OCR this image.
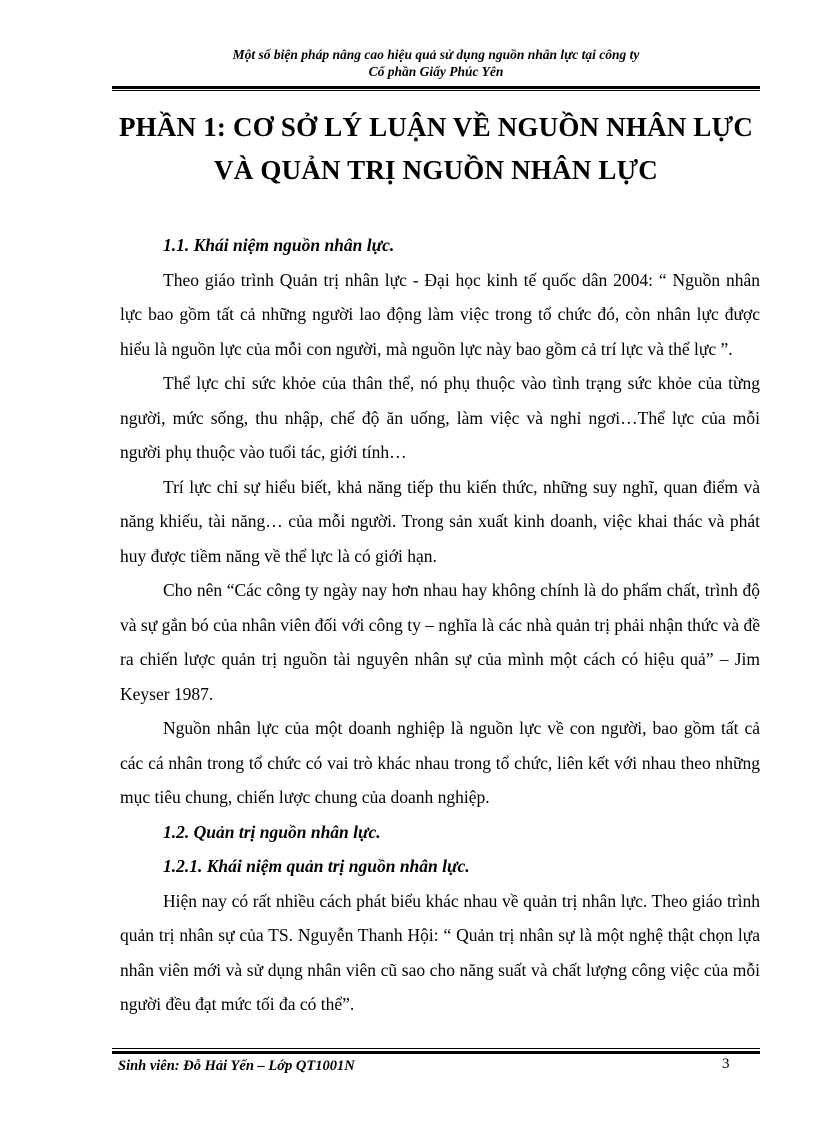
Một số biện pháp nâng cao hiệu quả sử dụng nguồn nhân lực tại công ty
Cổ phần Giấy Phúc Yên
PHẦN 1: CƠ SỞ LÝ LUẬN VỀ NGUỒN NHÂN LỰC
VÀ QUẢN TRỊ NGUỒN NHÂN LỰC
1.1. Khái niệm nguồn nhân lực.

Theo giáo trình Quản trị nhân lực - Đại học kinh tế quốc dân 2004: “ Nguồn nhân lực bao gồm tất cả những người lao động làm việc trong tổ chức đó, còn nhân lực được hiểu là nguồn lực của mỗi con người, mà nguồn lực này bao gồm cả trí lực và thể lực ”.

Thể lực chỉ sức khỏe của thân thể, nó phụ thuộc vào tình trạng sức khỏe của từng người, mức sống, thu nhập, chế độ ăn uống, làm việc và nghỉ ngơi…Thể lực của mỗi người phụ thuộc vào tuổi tác, giới tính…

Trí lực chỉ sự hiểu biết, khả năng tiếp thu kiến thức, những suy nghĩ, quan điểm và năng khiếu, tài năng… của mỗi người. Trong sản xuất kinh doanh, việc khai thác và phát huy được tiềm năng về thể lực là có giới hạn.

Cho nên “Các công ty ngày nay hơn nhau hay không chính là do phẩm chất, trình độ và sự gắn bó của nhân viên đối với công ty – nghĩa là các nhà quản trị phải nhận thức và đề ra chiến lược quản trị nguồn tài nguyên nhân sự của mình một cách có hiệu quả” – Jim Keyser 1987.

Nguồn nhân lực của một doanh nghiệp là nguồn lực về con người, bao gồm tất cả các cá nhân trong tổ chức có vai trò khác nhau trong tổ chức, liên kết với nhau theo những mục tiêu chung, chiến lược chung của doanh nghiệp.

1.2. Quản trị nguồn nhân lực.
1.2.1. Khái niệm quản trị nguồn nhân lực.

Hiện nay có rất nhiều cách phát biểu khác nhau về quản trị nhân lực. Theo giáo trình quản trị nhân sự của TS. Nguyễn Thanh Hội: “ Quản trị nhân sự là một nghệ thật chọn lựa nhân viên mới và sử dụng nhân viên cũ sao cho năng suất và chất lượng công việc của mỗi người đều đạt mức tối đa có thể”.

Sinh viên: Đỗ Hải Yến – Lớp QT1001N	3
